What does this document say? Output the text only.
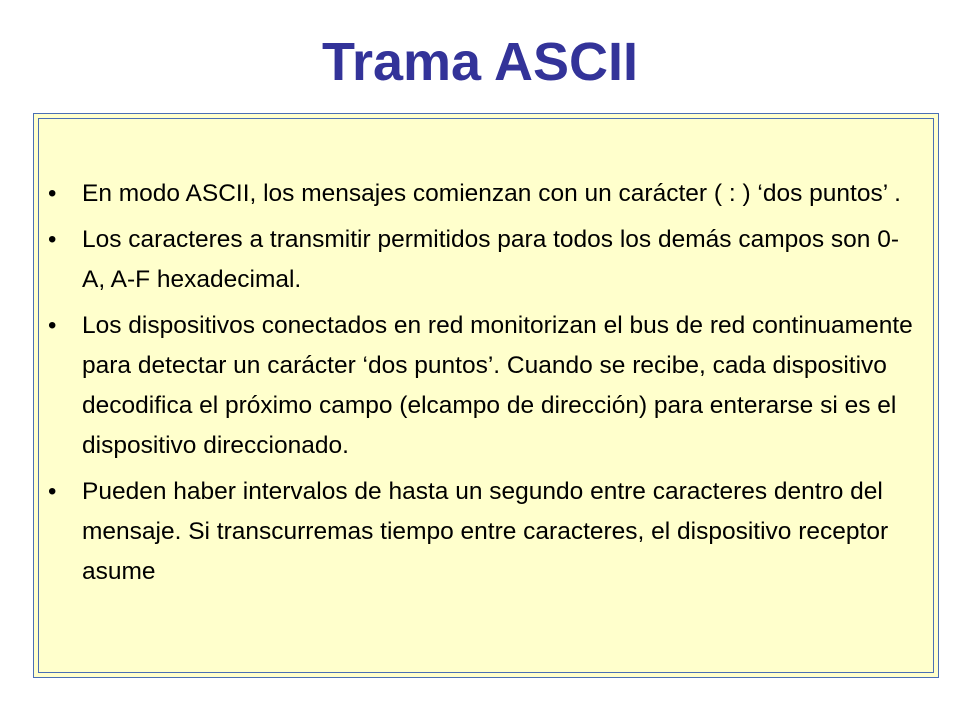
Trama ASCII
• En modo ASCII, los mensajes comienzan con un carácter ( : ) ‘dos puntos’ .
• Los caracteres a transmitir permitidos para todos los demás campos son 0-A, A-F hexadecimal.
• Los dispositivos conectados en red monitorizan el bus de red continuamente para detectar un carácter ‘dos puntos’. Cuando se recibe, cada dispositivo decodifica el próximo campo (elcampo de dirección) para enterarse si es el dispositivo direccionado.
• Pueden haber intervalos de hasta un segundo entre caracteres dentro del mensaje. Si transcurremas tiempo entre caracteres, el dispositivo receptor asume
